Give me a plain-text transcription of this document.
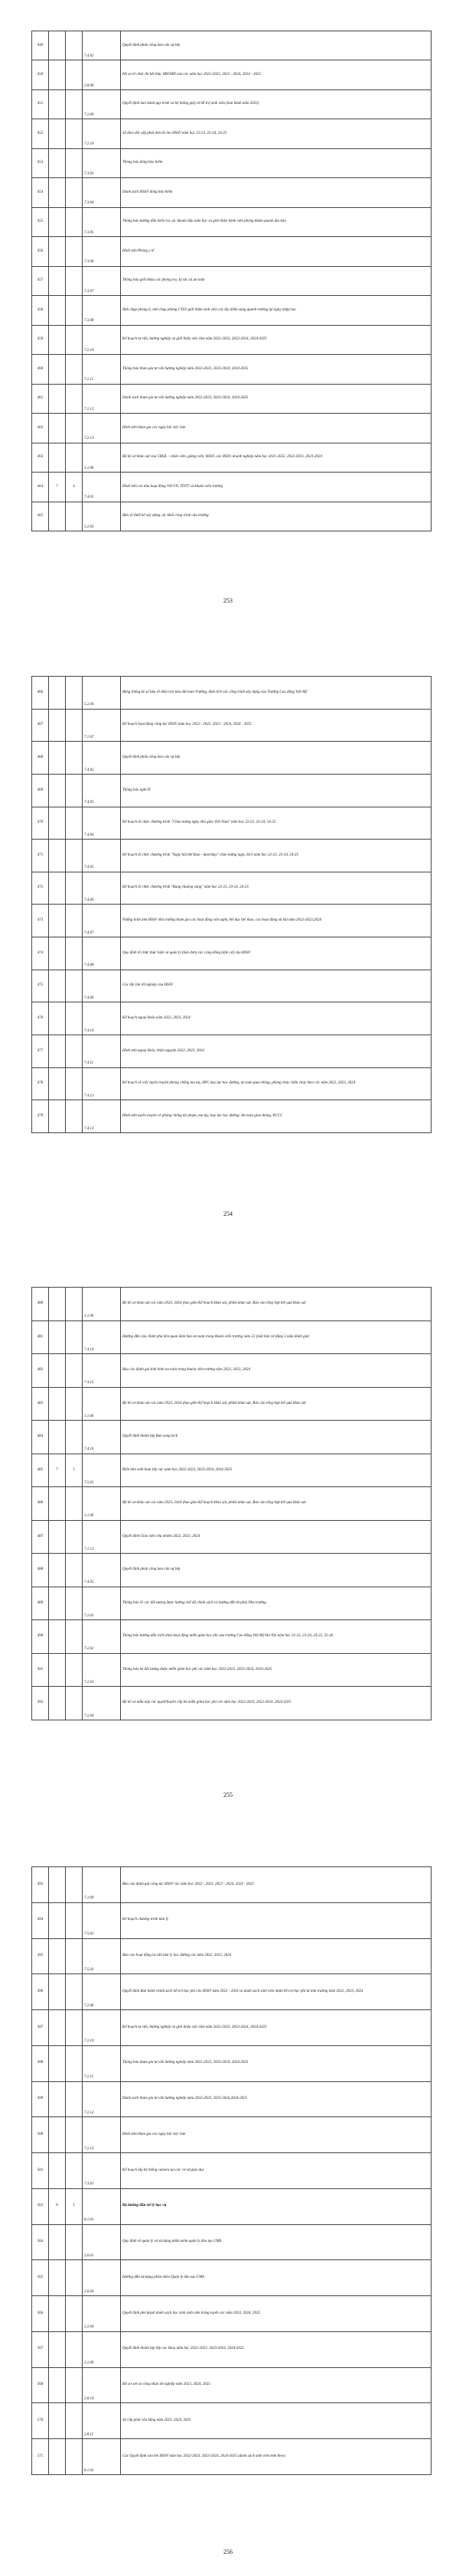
449			7.4.02	Quyết định phân công ban cán sự lớp
450			2.8.06	Hồ sơ tổ chức thi kết thúc MH/MĐ của các năm học 2022-2023, 2023 - 2024, 2024 - 2025
451			7.2.09	Quyết định ban hành quy trình và hệ thống giấy tờ hỗ trợ sinh viên (ban hành năm 2022)
452			7.2.10	Sổ theo dõi cấp phát đơn từ cho HSSV năm học 22-23, 23-24, 24-25
453			7.3.03	Thông báo đóng bảo hiểm
454			7.3.04	Danh sách HSSV đóng bảo hiểm
455			7.3.05	Thông báo hướng dẫn kiểm tra các khoản đầu năm học và giới thiệu bệnh viện phòng khám quanh địa bàn
456			7.3.06	Hình ảnh Phòng y tế
457			7.3.07	Thông báo giới thiệu các phòng trọ, ký túc xá an toàn
458			7.3.08	Ảnh chụp phòng ở, ảnh chụp phòng CTSV giới thiệu sinh viên các địa điểm sang quanh trường tại ngày nhập học
459			7.2.10	Kế hoạch tư vấn, hướng nghiệp và giới thiệu việc làm năm 2022-2023, 2023-2024, 2024-2025
460			7.2.11	Thông báo tham gia tư vấn hướng nghiệp năm 2022-2023, 2023-2024, 2024-2025
461			7.2.12	Danh sách tham gia tư vấn hướng nghiệp năm 2022-2023, 2023-2024, 2024-2025
462			7.2.13	Hình ảnh tham gia các ngày hội việc làm
463			1.1.06	Bộ hồ sơ khảo sát của CBQL – nhân viên, giảng viên, HSSV, các HSSV, doanh nghiệp năm học 2021-2022, 2022-2023, 2023-2024
464	7	4	7.4.01	Hình ảnh các khu hoạt động VH-VN, TDTT và khuôn viên trường
465			5.2.03	Bản vẽ thiết kế xây dựng các khối công trình của trường
253
466			5.2.04	Bảng thống kê số liệu về diện tích khu đất toàn Trường, diện tích các công trình xây dựng của Trường Cao đẳng Việt Mỹ
467			7.1.07	Kế hoạch hoạt động công tác HSSV năm học 2022 - 2023, 2023 - 2024, 2024 - 2025
468			7.4.02	Quyết định phân công ban cán sự lớp
469			7.4.03	Thông báo nghỉ lễ
470			7.4.04	Kế hoạch tổ chức chương trình "Chào mừng ngày nhà giáo Việt Nam" năm học 22-23, 23-24, 24-25
471			7.4.05	Kế hoạch tổ chức chương trình "Ngày hội thể thao - Sportday" chào mừng ngày 26/3 năm học 22-23, 23-24, 24-25
472			7.4.06	Kế hoạch tổ chức chương trình "Rung chuông vàng" năm học 22-23, 23-24, 24-25
473			7.4.07	Những hình ảnh HSSV nhà trường tham gia các hoạt động văn nghệ, thể dục thể thao, các hoạt động xã hội năm 2022-2023,2024
474			7.4.08	Quy định tổ chức thực hiện và quản lý (bản đơn) các cộng đồng (dân cư) của HSSV
475			7.4.09	Các đội tìm tốt nghiệp của HSSV
476			7.4.10	Kế hoạch ngoại khóa năm 2022, 2023, 2024
477			7.4.11	Hình ảnh ngoại khóa, thiện nguyện 2022, 2023, 2024
478			7.4.12	Kế hoạch về việc tuyên truyền phòng chống ma túy, HIV, bạo lực học đường, an toàn giao thông, phòng cháy chữa cháy theo các năm 2022, 2023, 2024
479			7.4.13	Hình ảnh tuyên truyền về phòng chống tội phạm, ma túy, bạo lực học đường; An toàn giao thông, PCCC
254
480			1.1.06	Bộ hồ sơ khảo sát các năm 2023, 2024 (bao gồm Kế hoạch khảo sát, phiếu khảo sát, Báo cáo tổng hợp kết quả khảo sát
481			7.4.14	Hướng dẫn của chính phủ liên quan đảm bảo an toàn trong khuôn viên trường năm 22 (một bản cứ đúng 5 năm đánh giá)
482			7.4.15	Báo cáo đánh giá tình hình an toàn trong khuôn viên trường năm 2022, 2023, 2024
483			1.1.06	Bộ hồ sơ khảo sát các năm 2023, 2024 (bao gồm Kế hoạch khảo sát, phiếu khảo sát, Báo cáo tổng hợp kết quả khảo sát
484			7.4.16	Quyết định thành lập Ban xung kích
485	7	5	7.5.01	Biên bản sinh hoạt lớp các năm học 2022-2023, 2023-2024, 2024-2025
486			1.1.06	Bộ hồ sơ khảo sát các năm 2023, 2024 (bao gồm Kế hoạch khảo sát, phiếu khảo sát, Báo cáo tổng hợp kết quả khảo sát
487			7.1.13	Quyết định Giáo viên chủ nhiệm 2022, 2023, 2024
488			7.4.02	Quyết định phân công ban cán sự lớp
489			7.2.01	Thông báo về các đối tượng được hưởng chế độ chính sách và hướng dẫn từ phía Nhà trường
490			7.2.02	Thông báo hướng dẫn triển khai hoạt động miễn giảm học phí của trường Cao đẳng Việt Mỹ Hà Nội năm học 22-23, 23-24, 24-25, 25-26
491			7.2.03	Thông báo kê đối tượng được miễn giảm học phí các năm học 2022-2023, 2023-2024, 2024-2025
492			7.2.04	Bộ hồ sơ mẫu nộp các quyết/huyền cấp bù miễn giảm học phí các năm học 2022-2023, 2023-2024, 2024-2025
255
493			7.1.09	Báo cáo đánh giá công tác HSSV các năm học 2022 - 2023, 2023 - 2024, 2024 - 2025
494			7.5.02	Kế hoạch chương trình tâm lý
495			7.5.03	Báo cáo hoạt động tư vấn tâm lý học đường các năm 2022, 2023, 2024
496			7.2.06	Quyết định Ban hành chính sách hỗ trợ học phí cho HSSV năm 2022 - 2024 và danh sách sinh viên nhận hỗ trợ học phí từ nhà trường năm 2022, 2023, 2024
497			7.2.10	Kế hoạch tư vấn, hướng nghiệp và giới thiệu việc làm năm 2022-2023, 2023-2024, 2024-2025
498			7.2.11	Thông báo tham gia tư vấn hướng nghiệp năm 2022-2023, 2023-2024, 2024-2025
499			7.2.12	Danh sách tham gia tư vấn hướng nghiệp năm 2022-2023, 2023-2024,2024-2025
500			7.2.13	Hình ảnh tham gia các ngày hội việc làm
501			7.3.01	Kế hoạch lắp hệ thống camera tại các cơ sở giáo dục
563	8	1	8.1.01	Bộ hướng dẫn xử lý học vụ
564			2.6.01	Quy định về quản lý và sử dụng phần mềm quản lý đào tạo UMS
565			2.6.04	Hướng dẫn sử dụng phần mềm Quản lý đào tạo UMS
566			2.2.04	Quyết định phê duyệt danh sách học sinh sinh viên trúng tuyển các năm 2023, 2024, 2025
567			2.2.06	Quyết định thành lập lớp các khóa năm học 2022-2023, 2023-2024, 2024-2025
568			2.8.10	Hồ sơ xét và công nhận tốt nghiệp năm 2023, 2024, 2025
570			2.8.11	Sổ cấp phát văn bằng năm 2023, 2024, 2025
571			8.1.02	Các Quyết định xóa tên HSSV năm học 2022-2023, 2023-2024, 2024-2025 (danh sách sinh viên kèm theo)
256
